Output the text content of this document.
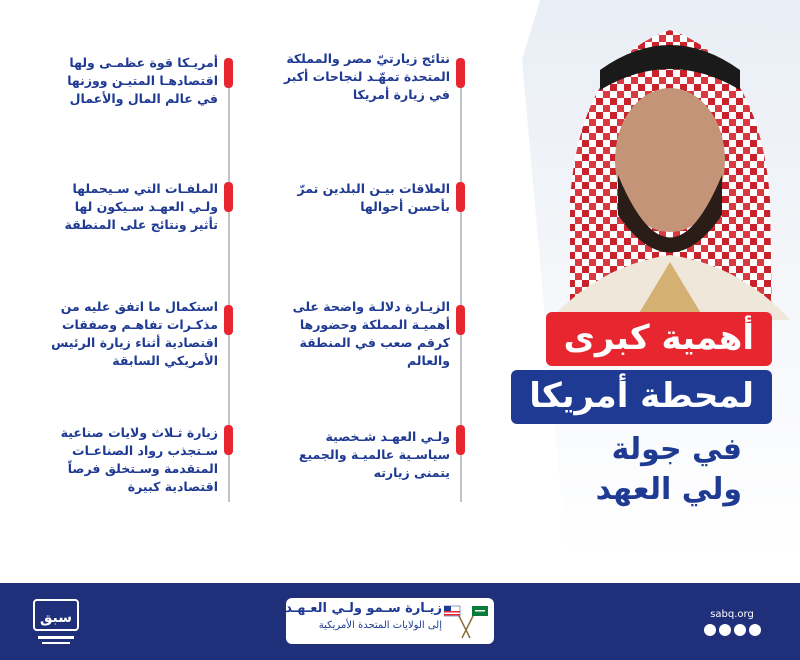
أهمية كبرى
لمحطة أمريكا
في جولة
ولي العهد
نتائج زيارتيّ مصر والمملكة
المتحدة تمهّـد لنجاحات أكبر
في زيارة أمريكا
العلاقات بيـن البلدين تمرّ
بأحسن أحوالها
الزيـارة دلالـة واضحة على
أهميـة المملكة وحضورها
كرقم صعب في المنطقة
والعالم
ولـي العهـد شـخصية
سياسـية عالميـة والجميع
يتمنى زيارته
أمريـكا قوة عظمـى ولها
اقتصادهـا المتيـن ووزنها
في عالم المال والأعمال
الملفـات التي سـيحملها
ولـي العهـد سـيكون لها
تأثير ونتائج على المنطقة
استكمال ما اتفق عليه من
مذكـرات تفاهـم وصفقات
اقتصادية أثناء زيارة الرئيس
الأمريكي السابقة
زيارة ثـلاث ولايات صناعية
سـتجذب رواد الصناعـات
المتقدمة وسـتخلق فرصاً
اقتصادية كبيرة
سبق
زيـارة سـمو ولـي العـهـد
إلى الولايات المتحدة الأمريكية
sabq.org
